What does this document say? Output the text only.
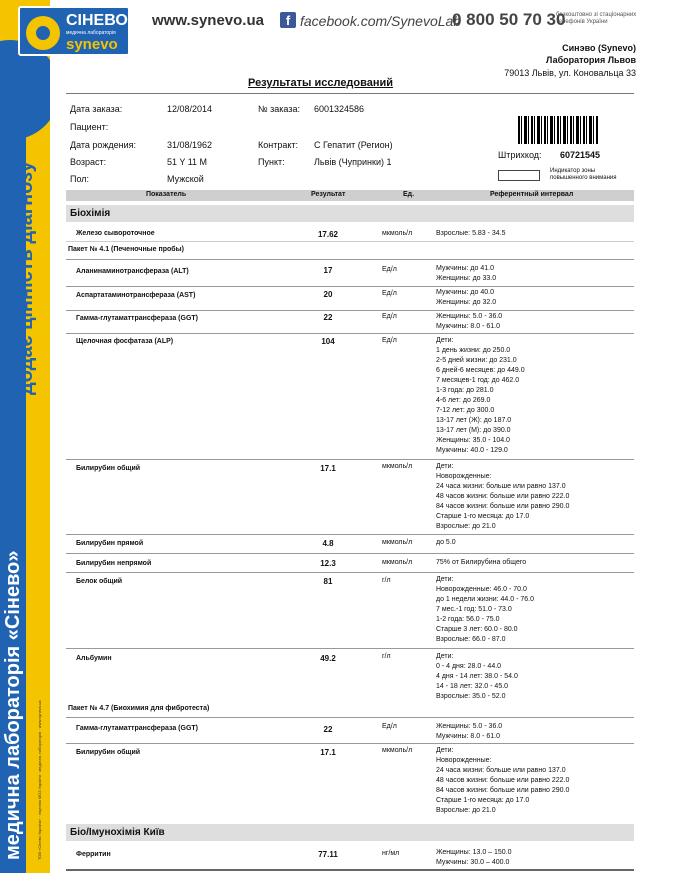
медична лабораторія «Сінево»
додає цінність діагнозу
ТОВ «Сінево Україна» · ліцензія МОЗ України · медична лабораторія · www.synevo.ua
СІНЕВО
медична лабораторія
synevo
www.synevo.ua	f facebook.com/SynevoLab
0 800 50 70 30
безкоштовно зі стаціонарних телефонів України
Синэво (Synevo)
Лаборатория Львов
79013 Львів, ул. Коновальца 33
Результаты исследований
Дата заказа:	12/08/2014	№ заказа: 6001324586
Пациент:
Дата рождения:	31/08/1962	Контракт: С Гепатит (Регион)
Возраст:	51 Y 11 M	Пункт:	Львів (Чупринки) 1
Пол:	Мужской
Штрихкод: 60721545
Индикатор зоны повышенного внимания
Показатель	Результат	Ед.	Референтный интервал
Біохімія
Железо сывороточное	17.62	мкмоль/л	Взрослые: 5.83 - 34.5
Пакет № 4.1 (Печеночные пробы)
Аланинаминотрансфераза (ALT)	17	Ед/л	Мужчины: до 41.0
Женщины: до 33.0
Аспартатаминотрансфераза (AST)	20	Ед/л	Мужчины: до 40.0
Женщины: до 32.0
Гамма-глутаматтрансфераза (GGT)	22	Ед/л	Женщины: 5.0 - 36.0
Мужчины: 8.0 - 61.0
Щелочная фосфатаза (ALP)	104	Ед/л	Дети:
1 день жизни: до 250.0
2-5 дней жизни: до 231.0
6 дней-6 месяцев: до 449.0
7 месяцев-1 год: до 462.0
1-3 года: до 281.0
4-6 лет: до 269.0
7-12 лет: до 300.0
13-17 лет (Ж): до 187.0
13-17 лет (М): до 390.0
Женщины: 35.0 - 104.0
Мужчины: 40.0 - 129.0
Билирубин общий	17.1	мкмоль/л	Дети:
Новорожденные:
24 часа жизни: больше или равно 137.0
48 часов жизни: больше или равно 222.0
84 часов жизни: больше или равно 290.0
Старше 1-го месяца: до 17.0
Взрослые: до 21.0
Билирубин прямой	4.8	мкмоль/л	до 5.0
Билирубин непрямой	12.3	мкмоль/л	75% от Билирубина общего
Белок общий	81	г/л	Дети:
Новорожденные: 46.0 - 70.0
до 1 недели жизни: 44.0 - 76.0
7 мес.-1 год: 51.0 - 73.0
1-2 года: 56.0 - 75.0
Старше 3 лет: 60.0 - 80.0
Взрослые: 66.0 - 87.0
Альбумин	49.2	г/л	Дети:
0 - 4 дня: 28.0 - 44.0
4 дня - 14 лет: 38.0 - 54.0
14 - 18 лет: 32.0 - 45.0
Взрослые: 35.0 - 52.0
Пакет № 4.7 (Биохимия для фибротеста)
Гамма-глутаматтрансфераза (GGT)	22	Ед/л	Женщины: 5.0 - 36.0
Мужчины: 8.0 - 61.0
Билирубин общий	17.1	мкмоль/л	Дети:
Новорожденные:
24 часа жизни: больше или равно 137.0
48 часов жизни: больше или равно 222.0
84 часов жизни: больше или равно 290.0
Старше 1-го месяца: до 17.0
Взрослые: до 21.0
Біо/Імунохімія Київ
Ферритин	77.11	нг/мл	Женщины: 13.0 – 150.0
Мужчины: 30.0 – 400.0
